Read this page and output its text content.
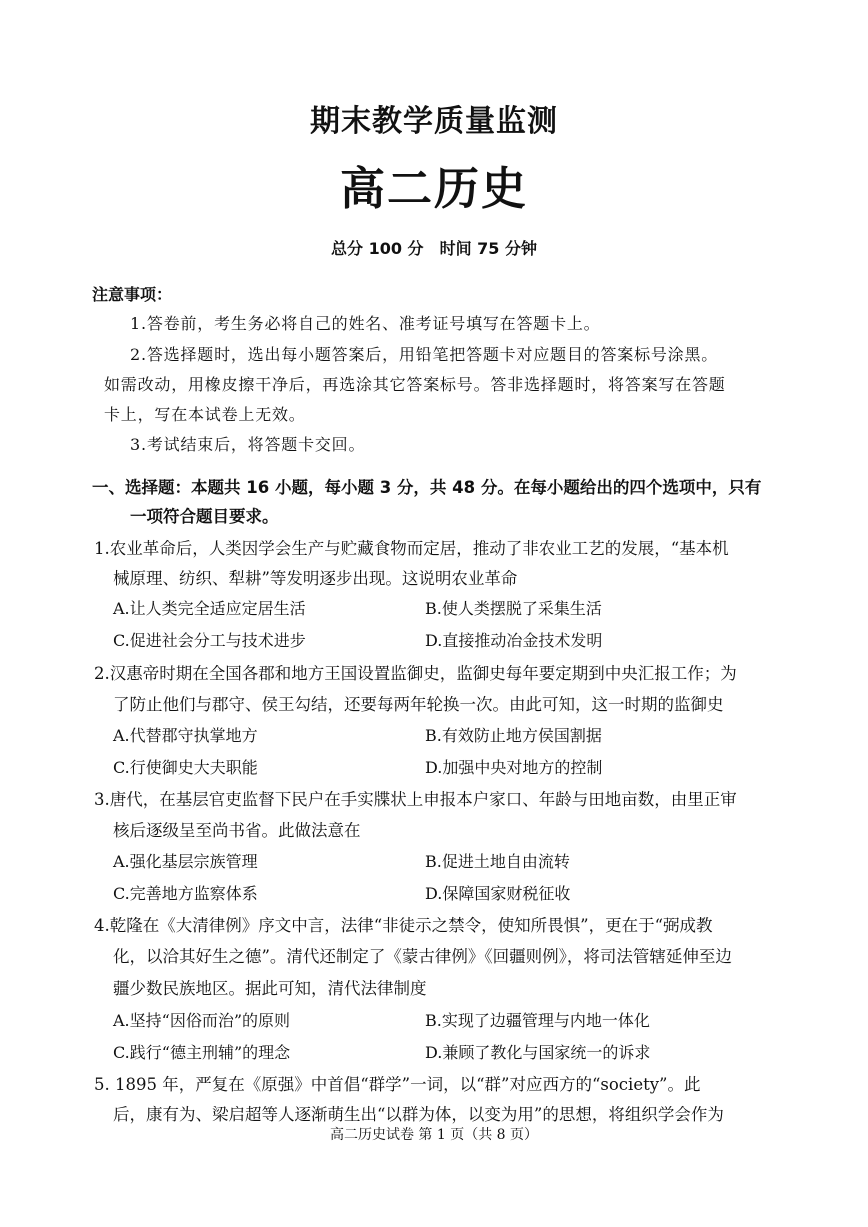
期末教学质量监测
高二历史
总分 100 分 时间 75 分钟
注意事项：
1.答卷前，考生务必将自己的姓名、准考证号填写在答题卡上。
2.答选择题时，选出每小题答案后，用铅笔把答题卡对应题目的答案标号涂黑。
如需改动，用橡皮擦干净后，再选涂其它答案标号。答非选择题时，将答案写在答题
卡上，写在本试卷上无效。
3.考试结束后，将答题卡交回。
一、选择题：本题共 16 小题，每小题 3 分，共 48 分。在每小题给出的四个选项中，只有
一项符合题目要求。
1.农业革命后，人类因学会生产与贮藏食物而定居，推动了非农业工艺的发展，“基本机
械原理、纺织、犁耕”等发明逐步出现。这说明农业革命
A.让人类完全适应定居生活	B.使人类摆脱了采集生活
C.促进社会分工与技术进步	D.直接推动冶金技术发明
2.汉惠帝时期在全国各郡和地方王国设置监御史，监御史每年要定期到中央汇报工作；为
了防止他们与郡守、侯王勾结，还要每两年轮换一次。由此可知，这一时期的监御史
A.代替郡守执掌地方	B.有效防止地方侯国割据
C.行使御史大夫职能	D.加强中央对地方的控制
3.唐代，在基层官吏监督下民户在手实牒状上申报本户家口、年龄与田地亩数，由里正审
核后逐级呈至尚书省。此做法意在
A.强化基层宗族管理	B.促进土地自由流转
C.完善地方监察体系	D.保障国家财税征收
4.乾隆在《大清律例》序文中言，法律“非徒示之禁令，使知所畏惧”，更在于“弼成教
化，以洽其好生之德”。清代还制定了《蒙古律例》《回疆则例》，将司法管辖延伸至边
疆少数民族地区。据此可知，清代法律制度
A.坚持“因俗而治”的原则	B.实现了边疆管理与内地一体化
C.践行“德主刑辅”的理念	D.兼顾了教化与国家统一的诉求
5. 1895 年，严复在《原强》中首倡“群学”一词，以“群”对应西方的“society”。此
后，康有为、梁启超等人逐渐萌生出“以群为体，以变为用”的思想，将组织学会作为
高二历史试卷 第 1 页（共 8 页）
